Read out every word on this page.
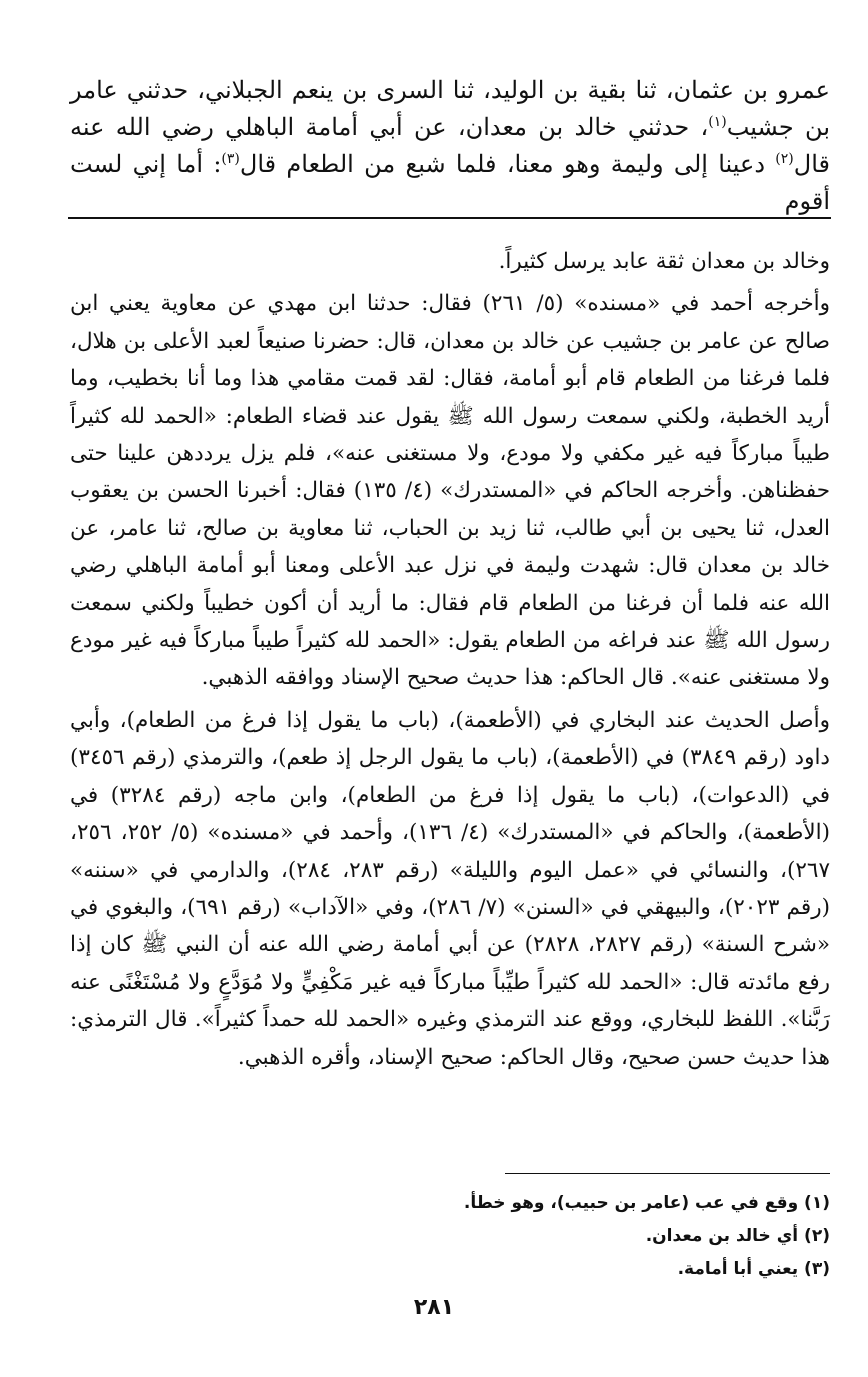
عمرو بن عثمان، ثنا بقية بن الوليد، ثنا السرى بن ينعم الجبلاني، حدثني عامر بن جشيب$^{(١)}$، حدثني خالد بن معدان، عن أبي أمامة الباهلي رضي الله عنه قال$^{(٢)}$ دعينا إلى وليمة وهو معنا، فلما شبع من الطعام قال$^{(٣)}$: أما إني لست أقوم

وخالد بن معدان ثقة عابد يرسل كثيراً.

وأخرجه أحمد في «مسنده» (٥/ ٢٦١) فقال: حدثنا ابن مهدي عن معاوية يعني ابن صالح عن عامر بن جشيب عن خالد بن معدان، قال: حضرنا صنيعاً لعبد الأعلى بن هلال، فلما فرغنا من الطعام قام أبو أمامة، فقال: لقد قمت مقامي هذا وما أنا بخطيب، وما أريد الخطبة، ولكني سمعت رسول الله ﷺ يقول عند قضاء الطعام: «الحمد لله كثيراً طيباً مباركاً فيه غير مكفي ولا مودع، ولا مستغنى عنه»، فلم يزل يرددهن علينا حتى حفظناهن. وأخرجه الحاكم في «المستدرك» (٤/ ١٣٥) فقال: أخبرنا الحسن بن يعقوب العدل، ثنا يحيى بن أبي طالب، ثنا زيد بن الحباب، ثنا معاوية بن صالح، ثنا عامر، عن خالد بن معدان قال: شهدت وليمة في نزل عبد الأعلى ومعنا أبو أمامة الباهلي رضي الله عنه فلما أن فرغنا من الطعام قام فقال: ما أريد أن أكون خطيباً ولكني سمعت رسول الله ﷺ عند فراغه من الطعام يقول: «الحمد لله كثيراً طيباً مباركاً فيه غير مودع ولا مستغنى عنه». قال الحاكم: هذا حديث صحيح الإسناد ووافقه الذهبي.

وأصل الحديث عند البخاري في (الأطعمة)، (باب ما يقول إذا فرغ من الطعام)، وأبي داود (رقم ٣٨٤٩) في (الأطعمة)، (باب ما يقول الرجل إذ طعم)، والترمذي (رقم ٣٤٥٦) في (الدعوات)، (باب ما يقول إذا فرغ من الطعام)، وابن ماجه (رقم ٣٢٨٤) في (الأطعمة)، والحاكم في «المستدرك» (٤/ ١٣٦)، وأحمد في «مسنده» (٥/ ٢٥٢، ٢٥٦، ٢٦٧)، والنسائي في «عمل اليوم والليلة» (رقم ٢٨٣، ٢٨٤)، والدارمي في «سننه» (رقم ٢٠٢٣)، والبيهقي في «السنن» (٧/ ٢٨٦)، وفي «الآداب» (رقم ٦٩١)، والبغوي في «شرح السنة» (رقم ٢٨٢٧، ٢٨٢٨) عن أبي أمامة رضي الله عنه أن النبي ﷺ كان إذا رفع مائدته قال: «الحمد لله كثيراً طيِّباً مباركاً فيه غير مَكْفِيٍّ ولا مُوَدَّعٍ ولا مُسْتَغْنًى عنه رَبَّنا». اللفظ للبخاري، ووقع عند الترمذي وغيره «الحمد لله حمداً كثيراً». قال الترمذي: هذا حديث حسن صحيح، وقال الحاكم: صحيح الإسناد، وأقره الذهبي.

(١) وقع في عب (عامر بن حبيب)، وهو خطأ.
(٢) أي خالد بن معدان.
(٣) يعني أبا أمامة.
٢٨١
